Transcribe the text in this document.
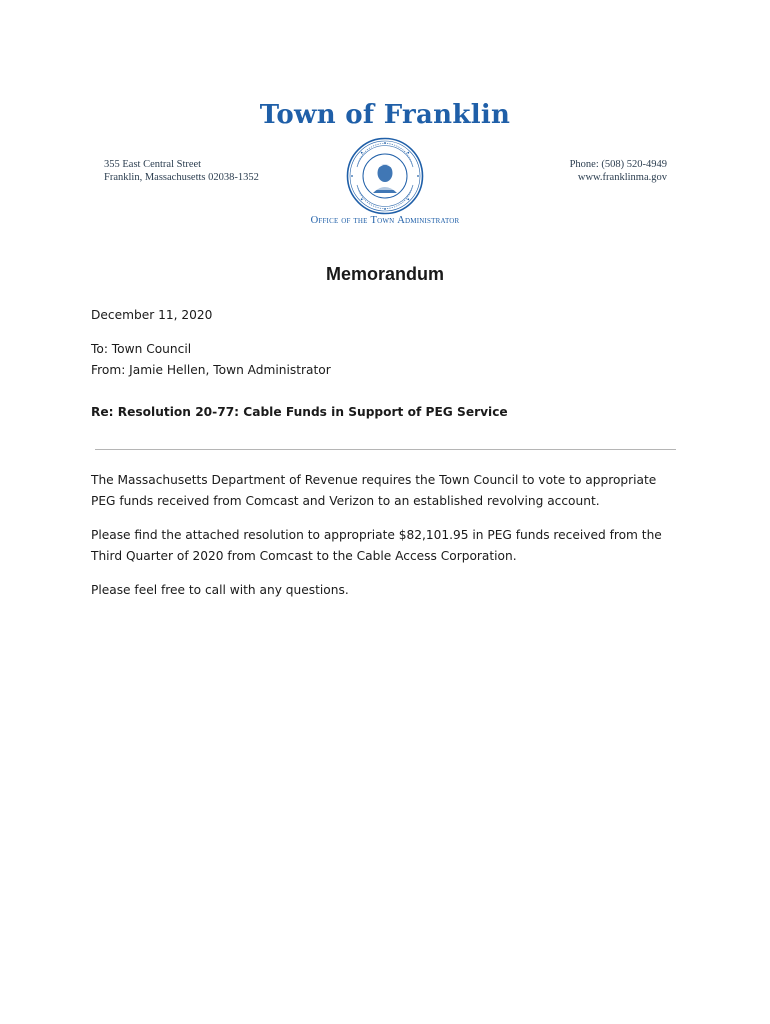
Town of Franklin
355 East Central Street
Franklin, Massachusetts 02038-1352
Phone: (508) 520-4949
www.franklinma.gov
Office of the Town Administrator
Memorandum
December 11, 2020
To: Town Council
From: Jamie Hellen, Town Administrator
Re: Resolution 20-77: Cable Funds in Support of PEG Service
The Massachusetts Department of Revenue requires the Town Council to vote to appropriate PEG funds received from Comcast and Verizon to an established revolving account.
Please find the attached resolution to appropriate $82,101.95 in PEG funds received from the Third Quarter of 2020 from Comcast to the Cable Access Corporation.
Please feel free to call with any questions.
